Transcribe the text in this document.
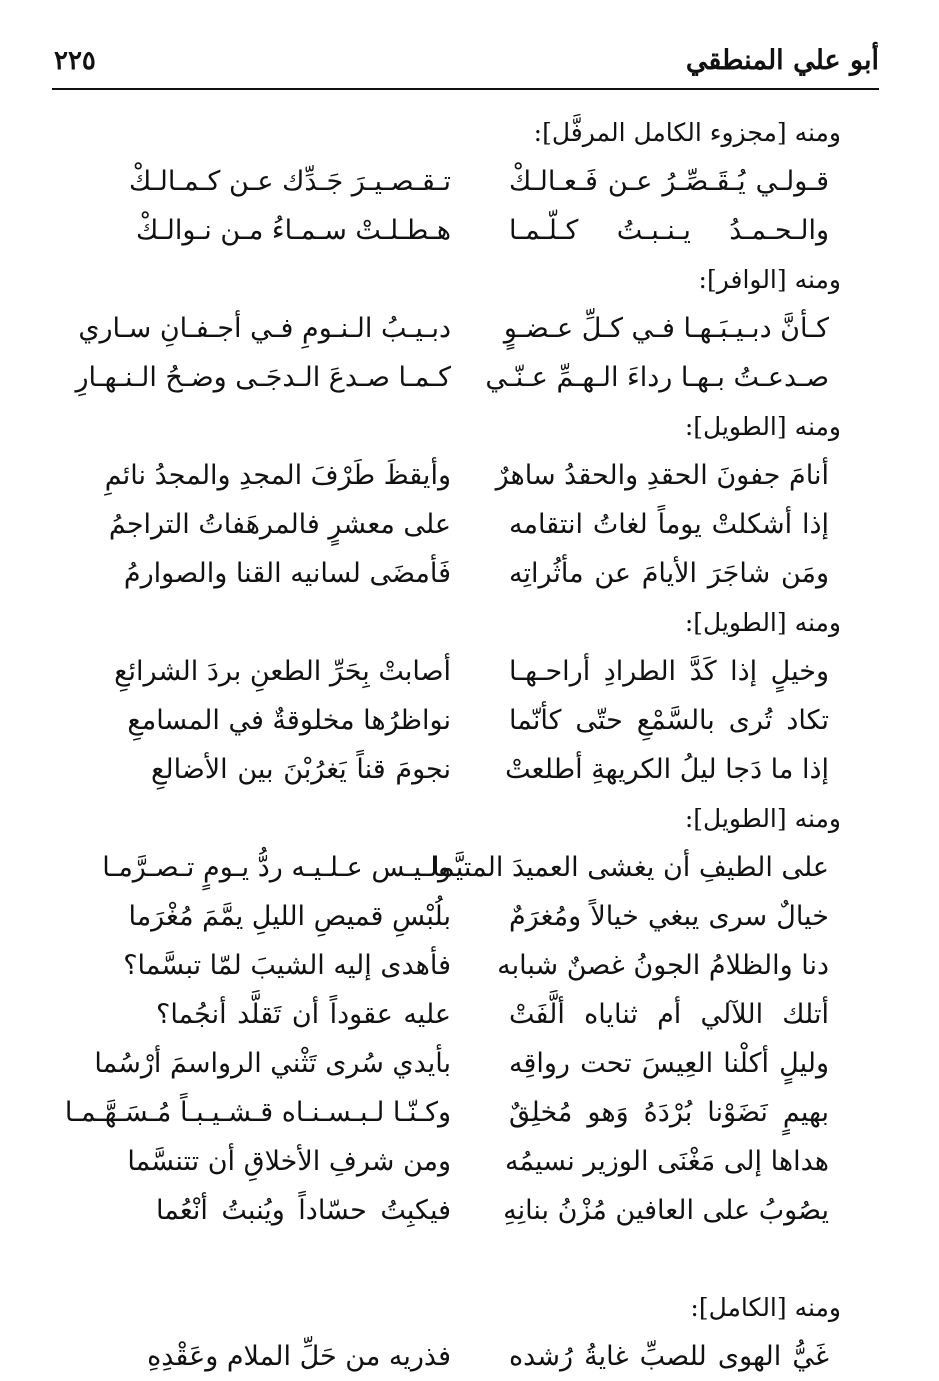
أبو علي المنطقي
٢٢٥
ومنه [مجزوء الكامل المرفَّل]:
قـولـي يُـقَـصِّـرُ عـن فَـعـالـكْ
تـقـصـيـرَ جَـدِّك عـن كـمـالـكْ
والـحـمـدُ يـنـبـتُ كـلّـمـا
هـطـلـتْ سـمـاءُ مـن نـوالـكْ
ومنه [الوافر]:
كـأنَّ دبـيـبَـهـا فـي كـلِّ عـضـوٍ
دبـيـبُ الـنـومِ فـي أجـفـانِ سـاري
صـدعـتُ بـهـا رداءَ الـهـمِّ عـنّـي
كـمـا صـدعَ الـدجَـى وضـحُ الـنـهـارِ
ومنه [الطويل]:
أنامَ جفونَ الحقدِ والحقدُ ساهرٌ
وأيقظَ طَرْفَ المجدِ والمجدُ نائمِ
إذا أشكلتْ يوماً لغاتُ انتقامه
على معشرٍ فالمرهَفاتُ التراجمُ
ومَن شاجَرَ الأيامَ عن مأثُراتِه
فَأمضَى لسانيه القنا والصوارمُ
ومنه [الطويل]:
وخيلٍ إذا كَدَّ الطرادِ أراحـهـا
أصابتْ بِحَرِّ الطعنِ بردَ الشرائعِ
تكاد تُرى بالسَّمْعِ حتّى كأنّما
نواظرُها مخلوقةٌ في المسامعِ
إذا ما دَجا ليلُ الكريهةِ أطلعتْ
نجومَ قناً يَغرُبْنَ بين الأضالعِ
ومنه [الطويل]:
على الطيفِ أن يغشى العميدَ المتيَّما
ولـيـس عـلـيـه ردُّ يـومٍ تـصـرَّمـا
خيالٌ سرى يبغي خيالاً ومُغرَمٌ
بلُبْسِ قميصِ الليلِ يمَّمَ مُغْرَما
دنا والظلامُ الجونُ غصنٌ شبابه
فأهدى إليه الشيبَ لمّا تبسَّما؟
أتلك اللآلي أم ثناياه ألَّفَتْ
عليه عقوداً أن تَقلَّد أنجُما؟
وليلٍ أكلْنا العِيسَ تحت رواقِه
بأيدي سُرى تَثْني الرواسمَ أرْسُما
بهيمٍ نَضَوْنا بُرْدَهُ وَهو مُخلِقٌ
وكـنّـا لـبـسـنـاه قـشـيـبـاً مُـسَـهَّـمـا
هداها إلى مَغْنَى الوزير نسيمُه
ومن شرفِ الأخلاقِ أن تتنسَّما
يصُوبُ على العافين مُزْنُ بنانِهِ
فيكبِتُ حسّاداً ويُنبتُ أنْعُما
ومنه [الكامل]:
غَيُّ الهوى للصبِّ غايةُ رُشده
فذريه من حَلِّ الملام وعَقْدِهِ
